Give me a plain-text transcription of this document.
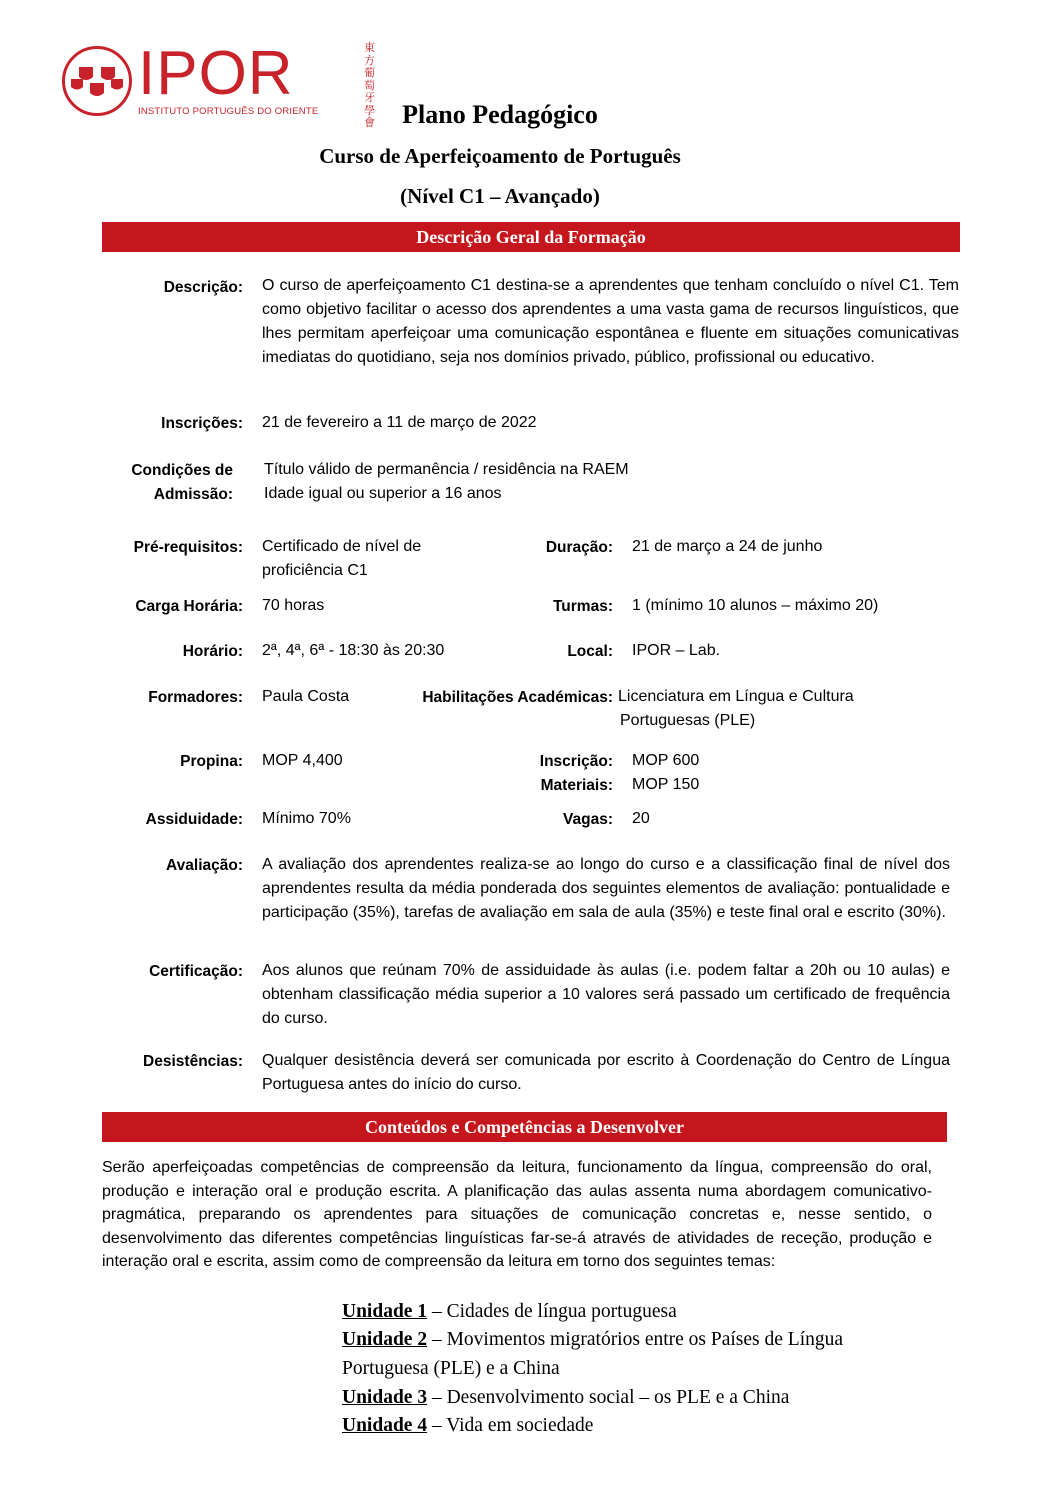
IPOR
INSTITUTO PORTUGUÊS DO ORIENTE
東方葡萄牙學會	Plano Pedagógico
Curso de Aperfeiçoamento de Português
(Nível C1 – Avançado)
Descrição Geral da Formação
Descrição: O curso de aperfeiçoamento C1 destina-se a aprendentes que tenham concluído o nível C1. Tem como objetivo facilitar o acesso dos aprendentes a uma vasta gama de recursos linguísticos, que lhes permitam aperfeiçoar uma comunicação espontânea e fluente em situações comunicativas imediatas do quotidiano, seja nos domínios privado, público, profissional ou educativo.
Inscrições: 21 de fevereiro a 11 de março de 2022
Condições de
Admissão:
Título válido de permanência / residência na RAEM
Idade igual ou superior a 16 anos
Pré-requisitos: Certificado de nível de
proficiência C1
Duração: 21 de março a 24 de junho
Carga Horária: 70 horas	Turmas: 1 (mínimo 10 alunos – máximo 20)
Horário: 2ª, 4ª, 6ª - 18:30 às 20:30	Local: IPOR – Lab.
Formadores: Paula Costa	Habilitações Académicas: Licenciatura em Língua e Cultura
Portuguesas (PLE)
Propina: MOP 4,400	Inscrição: MOP 600
Materiais: MOP 150
Assiduidade: Mínimo 70%	Vagas: 20
Avaliação: A avaliação dos aprendentes realiza-se ao longo do curso e a classificação final de nível dos aprendentes resulta da média ponderada dos seguintes elementos de avaliação: pontualidade e participação (35%), tarefas de avaliação em sala de aula (35%) e teste final oral e escrito (30%).
Certificação: Aos alunos que reúnam 70% de assiduidade às aulas (i.e. podem faltar a 20h ou 10 aulas) e obtenham classificação média superior a 10 valores será passado um certificado de frequência do curso.
Desistências: Qualquer desistência deverá ser comunicada por escrito à Coordenação do Centro de Língua Portuguesa antes do início do curso.
Conteúdos e Competências a Desenvolver
Serão aperfeiçoadas competências de compreensão da leitura, funcionamento da língua, compreensão do oral, produção e interação oral e produção escrita. A planificação das aulas assenta numa abordagem comunicativo-pragmática, preparando os aprendentes para situações de comunicação concretas e, nesse sentido, o desenvolvimento das diferentes competências linguísticas far-se-á através de atividades de receção, produção e interação oral e escrita, assim como de compreensão da leitura em torno dos seguintes temas:
Unidade 1 – Cidades de língua portuguesa
Unidade 2 – Movimentos migratórios entre os Países de Língua
Portuguesa (PLE) e a China
Unidade 3 – Desenvolvimento social – os PLE e a China
Unidade 4 – Vida em sociedade
